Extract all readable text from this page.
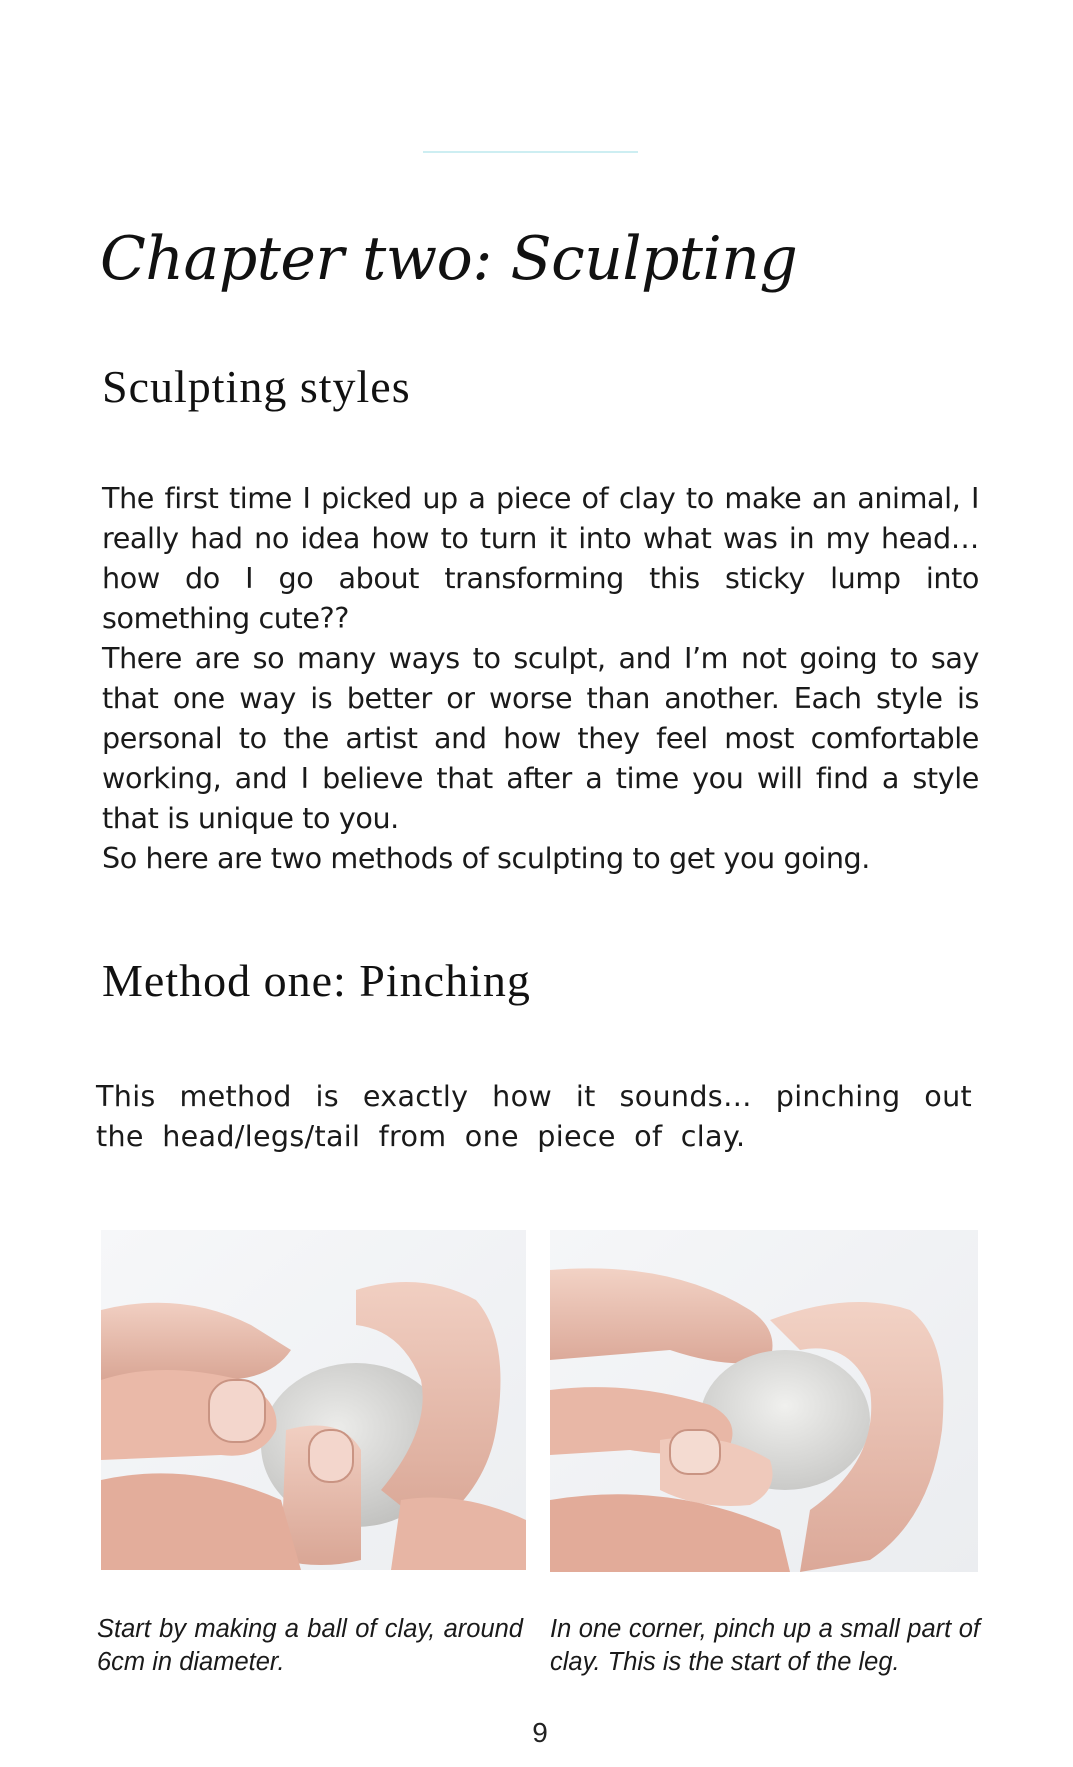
Chapter two: Sculpting
Sculpting styles

The first time I picked up a piece of clay to make an animal, I really had no idea how to turn it into what was in my head… how do I go about transforming this sticky lump into something cute??

There are so many ways to sculpt, and I’m not going to say that one way is better or worse than another. Each style is personal to the artist and how they feel most comfortable working, and I believe that after a time you will find a style that is unique to you.

So here are two methods of sculpting to get you going.

Method one: Pinching

This method is exactly how it sounds… pinching out the head/legs/tail from one piece of clay.

Start by making a ball of clay, around 6cm in diameter.

In one corner, pinch up a small part of clay. This is the start of the leg.

9
